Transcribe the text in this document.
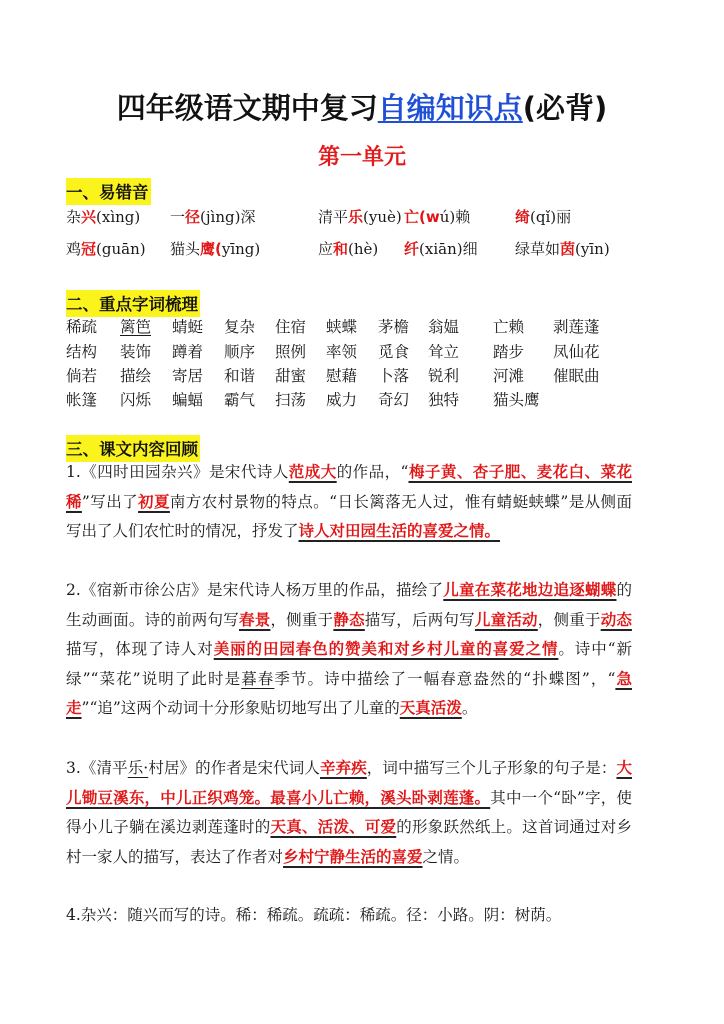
四年级语文期中复习自编知识点(必背)
第一单元
一、易错音
杂兴(xìng) 一径(jìng)深	清平乐(yuè) 亡(wú)赖	绮(qǐ)丽
鸡冠(guān) 猫头鹰(yīng)	应和(hè) 纤(xiān)细 绿草如茵(yīn)
二、重点字词梳理
稀疏 篱笆 蜻蜓 复杂 住宿 蛱蝶 茅檐 翁媪 亡赖 剥莲蓬
结构 装饰 蹲着 顺序 照例 率领 觅食 耸立 踏步 凤仙花
倘若 描绘 寄居 和谐 甜蜜 慰藉 卜落 锐利 河滩 催眠曲
帐篷 闪烁 蝙蝠 霸气 扫荡 威力 奇幻 独特 猫头鹰
三、课文内容回顾
1.《四时田园杂兴》是宋代诗人范成大的作品，“梅子黄、杏子肥、麦花白、菜花稀”写出了初夏南方农村景物的特点。“日长篱落无人过，惟有蜻蜓蛱蝶”是从侧面写出了人们农忙时的情况，抒发了诗人对田园生活的喜爱之情。
2.《宿新市徐公店》是宋代诗人杨万里的作品，描绘了儿童在菜花地边追逐蝴蝶的生动画面。诗的前两句写春景，侧重于静态描写，后两句写儿童活动，侧重于动态描写，体现了诗人对美丽的田园春色的赞美和对乡村儿童的喜爱之情。诗中“新绿”“菜花”说明了此时是暮春季节。诗中描绘了一幅春意盎然的“扑蝶图”，“急走”“追”这两个动词十分形象贴切地写出了儿童的天真活泼。
3.《清平乐·村居》的作者是宋代词人辛弃疾，词中描写三个儿子形象的句子是：大儿锄豆溪东，中儿正织鸡笼。最喜小儿亡赖，溪头卧剥莲蓬。其中一个“卧”字，使得小儿子躺在溪边剥莲蓬时的天真、活泼、可爱的形象跃然纸上。这首词通过对乡村一家人的描写，表达了作者对乡村宁静生活的喜爱之情。
4.杂兴：随兴而写的诗。稀：稀疏。疏疏：稀疏。径：小路。阴：树荫。
